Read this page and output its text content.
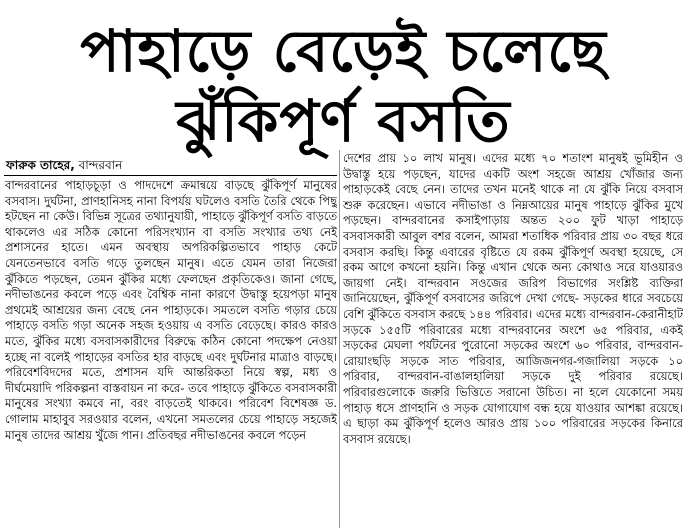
পাহাড়ে বেড়েই চলেছে
ঝুঁকিপূর্ণ বসতি
ফারুক তাহের, বান্দরবান

বান্দরবানের পাহাড়চূড়া ও পাদদেশে ক্রমান্বয়ে বাড়ছে ঝুঁকিপূর্ণ মানুষের বসবাস। দুর্ঘটনা, প্রাণহানিসহ নানা বিপর্যয় ঘটলেও বসতি তৈরি থেকে পিছু হটছেন না কেউ। বিভিন্ন সূত্রের তথ্যানুযায়ী, পাহাড়ে ঝুঁকিপূর্ণ বসতি বাড়তে থাকলেও এর সঠিক কোনো পরিসংখ্যান বা বসতি সংখ্যার তথ্য নেই প্রশাসনের হাতে। এমন অবস্থায় অপরিকল্পিতভাবে পাহাড় কেটে যেনতেনভাবে বসতি গড়ে তুলছেন মানুষ। এতে যেমন তারা নিজেরা ঝুঁকিতে পড়ছেন, তেমন ঝুঁকির মধ্যে ফেলছেন প্রকৃতিকেও। জানা গেছে, নদীভাঙনের কবলে পড়ে এবং বৈশ্বিক নানা কারণে উদ্বাস্তু হয়েপড়া মানুষ প্রথমেই আশ্রয়ের জন্য বেছে নেন পাহাড়কে। সমতলে বসতি গড়ার চেয়ে পাহাড়ে বসতি গড়া অনেক সহজ হওয়ায় এ বসতি বেড়েছে। কারও কারও মতে, ঝুঁকির মধ্যে বসবাসকারীদের বিরুদ্ধে কঠিন কোনো পদক্ষেপ নেওয়া হচ্ছে না বলেই পাহাড়ের বসতির হার বাড়ছে এবং দুর্ঘটনার মাত্রাও বাড়ছে। পরিবেশবিদদের মতে, প্রশাসন যদি আন্তরিকতা নিয়ে স্বল্প, মধ্য ও দীর্ঘমেয়াদি পরিকল্পনা বাস্তবায়ন না করে- তবে পাহাড়ে ঝুঁকিতে বসবাসকারী মানুষের সংখ্যা কমবে না, বরং বাড়তেই থাকবে। পরিবেশ বিশেষজ্ঞ ড. গোলাম মাহাবুব সরওয়ার বলেন, এখনো সমতলের চেয়ে পাহাড়ে সহজেই মানুষ তাদের আশ্রয় খুঁজে পান। প্রতিবছর নদীভাঙনের কবলে পড়েন

দেশের প্রায় ১০ লাখ মানুষ। এদের মধ্যে ৭০ শতাংশ মানুষই ভূমিহীন ও উদ্বাস্তু হয়ে পড়ছেন, যাদের একটি অংশ সহজে আশ্রয় খোঁজার জন্য পাহাড়কেই বেছে নেন। তাদের তখন মনেই থাকে না যে ঝুঁকি নিয়ে বসবাস শুরু করেছেন। এভাবে নদীভাঙা ও নিম্নআয়ের মানুষ পাহাড়ে ঝুঁকির মুখে পড়ছেন। বান্দরবানের কসাইপাড়ায় অন্তত ২০০ ফুট খাড়া পাহাড়ে বসবাসকারী আবুল বশর বলেন, আমরা শতাধিক পরিবার প্রায় ৩০ বছর ধরে বসবাস করছি। কিন্তু এবারের বৃষ্টিতে যে রকম ঝুঁকিপূর্ণ অবস্থা হয়েছে, সে রকম আগে কখনো হয়নি। কিন্তু এখান থেকে অন্য কোথাও সরে যাওয়ারও জায়গা নেই। বান্দরবান সওজের জরিপ বিভাগের সংশ্লিষ্ট ব্যক্তিরা জানিয়েছেন, ঝুঁকিপূর্ণ বসবাসের জরিপে দেখা গেছে- সড়কের ধারে সবচেয়ে বেশি ঝুঁকিতে বসবাস করছে ১৪৪ পরিবার। এদের মধ্যে বান্দরবান-কেরানীহাট সড়কে ১৫৫টি পরিবারের মধ্যে বান্দরবানের অংশে ৬৫ পরিবার, একই সড়কের মেঘলা পর্যটনের পুরোনো সড়কের অংশে ৬০ পরিবার, বান্দরবান- রোয়াংছড়ি সড়কে সাত পরিবার, আজিজনগর-গজালিয়া সড়কে ১০ পরিবার, বান্দরবান-বাঙালহালিয়া সড়কে দুই পরিবার রয়েছে। পরিবারগুলোকে জরুরি ভিত্তিতে সরানো উচিত। না হলে যেকোনো সময় পাহাড় ধসে প্রাণহানি ও সড়ক যোগাযোগ বন্ধ হয়ে যাওয়ার আশঙ্কা রয়েছে। এ ছাড়া কম ঝুঁকিপূর্ণ হলেও আরও প্রায় ১০০ পরিবারের সড়কের কিনারে বসবাস রয়েছে।
